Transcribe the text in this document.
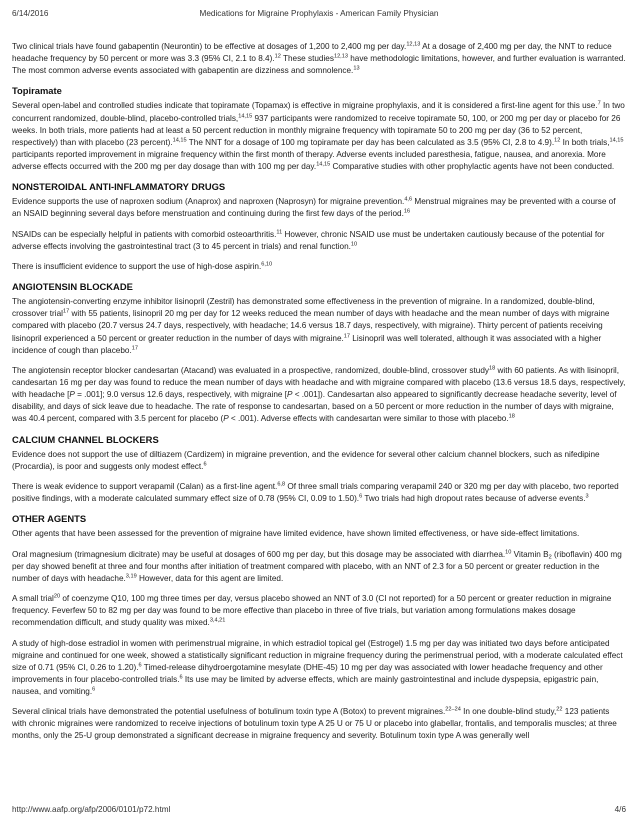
6/14/2016	Medications for Migraine Prophylaxis - American Family Physician

Two clinical trials have found gabapentin (Neurontin) to be effective at dosages of 1,200 to 2,400 mg per day.$^{12,13}$ At a dosage of 2,400 mg per day, the NNT to reduce headache frequency by 50 percent or more was 3.3 (95% CI, 2.1 to 8.4).$^{12}$ These studies$^{12,13}$ have methodologic limitations, however, and further evaluation is warranted. The most common adverse events associated with gabapentin are dizziness and somnolence.$^{13}$

Topiramate

Several open-label and controlled studies indicate that topiramate (Topamax) is effective in migraine prophylaxis, and it is considered a first-line agent for this use.$^7$ In two concurrent randomized, double-blind, placebo-controlled trials,$^{14,15}$ 937 participants were randomized to receive topiramate 50, 100, or 200 mg per day or placebo for 26 weeks. In both trials, more patients had at least a 50 percent reduction in monthly migraine frequency with topiramate 50 to 200 mg per day (36 to 52 percent, respectively) than with placebo (23 percent).$^{14,15}$ The NNT for a dosage of 100 mg topiramate per day has been calculated as 3.5 (95% CI, 2.8 to 4.9).$^{12}$ In both trials,$^{14,15}$ participants reported improvement in migraine frequency within the first month of therapy. Adverse events included paresthesia, fatigue, nausea, and anorexia. More adverse effects occurred with the 200 mg per day dosage than with 100 mg per day.$^{14,15}$ Comparative studies with other prophylactic agents have not been conducted.

NONSTEROIDAL ANTI-INFLAMMATORY DRUGS

Evidence supports the use of naproxen sodium (Anaprox) and naproxen (Naprosyn) for migraine prevention.$^{4,6}$ Menstrual migraines may be prevented with a course of an NSAID beginning several days before menstruation and continuing during the first few days of the period.$^{16}$

NSAIDs can be especially helpful in patients with comorbid osteoarthritis.$^{11}$ However, chronic NSAID use must be undertaken cautiously because of the potential for adverse effects involving the gastrointestinal tract (3 to 45 percent in trials) and renal function.$^{10}$

There is insufficient evidence to support the use of high-dose aspirin.$^{6,10}$

ANGIOTENSIN BLOCKADE

The angiotensin-converting enzyme inhibitor lisinopril (Zestril) has demonstrated some effectiveness in the prevention of migraine. In a randomized, double-blind, crossover trial$^{17}$ with 55 patients, lisinopril 20 mg per day for 12 weeks reduced the mean number of days with headache and the mean number of days with migraine compared with placebo (20.7 versus 24.7 days, respectively, with headache; 14.6 versus 18.7 days, respectively, with migraine). Thirty percent of patients receiving lisinopril experienced a 50 percent or greater reduction in the number of days with migraine.$^{17}$ Lisinopril was well tolerated, although it was associated with a higher incidence of cough than placebo.$^{17}$

The angiotensin receptor blocker candesartan (Atacand) was evaluated in a prospective, randomized, double-blind, crossover study$^{18}$ with 60 patients. As with lisinopril, candesartan 16 mg per day was found to reduce the mean number of days with headache and with migraine compared with placebo (13.6 versus 18.5 days, respectively, with headache [P = .001]; 9.0 versus 12.6 days, respectively, with migraine [P < .001]). Candesartan also appeared to significantly decrease headache severity, level of disability, and days of sick leave due to headache. The rate of response to candesartan, based on a 50 percent or more reduction in the number of days with migraine, was 40.4 percent, compared with 3.5 percent for placebo (P < .001). Adverse effects with candesartan were similar to those with placebo.$^{18}$

CALCIUM CHANNEL BLOCKERS

Evidence does not support the use of diltiazem (Cardizem) in migraine prevention, and the evidence for several other calcium channel blockers, such as nifedipine (Procardia), is poor and suggests only modest effect.$^6$

There is weak evidence to support verapamil (Calan) as a first-line agent.$^{6,8}$ Of three small trials comparing verapamil 240 or 320 mg per day with placebo, two reported positive findings, with a moderate calculated summary effect size of 0.78 (95% CI, 0.09 to 1.50).$^6$ Two trials had high dropout rates because of adverse events.$^3$

OTHER AGENTS

Other agents that have been assessed for the prevention of migraine have limited evidence, have shown limited effectiveness, or have side-effect limitations.

Oral magnesium (trimagnesium dicitrate) may be useful at dosages of 600 mg per day, but this dosage may be associated with diarrhea.$^{10}$ Vitamin $B_2$ (riboflavin) 400 mg per day showed benefit at three and four months after initiation of treatment compared with placebo, with an NNT of 2.3 for a 50 percent or greater reduction in the number of days with headache.$^{3,19}$ However, data for this agent are limited.

A small trial$^{20}$ of coenzyme Q10, 100 mg three times per day, versus placebo showed an NNT of 3.0 (CI not reported) for a 50 percent or greater reduction in migraine frequency. Feverfew 50 to 82 mg per day was found to be more effective than placebo in three of five trials, but variation among formulations makes dosage recommendation difficult, and study quality was mixed.$^{3,4,21}$

A study of high-dose estradiol in women with perimenstrual migraine, in which estradiol topical gel (Estrogel) 1.5 mg per day was initiated two days before anticipated migraine and continued for one week, showed a statistically significant reduction in migraine frequency during the perimenstrual period, with a moderate calculated effect size of 0.71 (95% CI, 0.26 to 1.20).$^6$ Timed-release dihydroergotamine mesylate (DHE-45) 10 mg per day was associated with lower headache frequency and other improvements in four placebo-controlled trials.$^6$ Its use may be limited by adverse effects, which are mainly gastrointestinal and include dyspepsia, epigastric pain, nausea, and vomiting.$^6$

Several clinical trials have demonstrated the potential usefulness of botulinum toxin type A (Botox) to prevent migraines.$^{22-24}$ In one double-blind study,$^{22}$ 123 patients with chronic migraines were randomized to receive injections of botulinum toxin type A 25 U or 75 U or placebo into glabellar, frontalis, and temporalis muscles; at three months, only the 25-U group demonstrated a significant decrease in migraine frequency and severity. Botulinum toxin type A was generally well

http://www.aafp.org/afp/2006/0101/p72.html	4/6
